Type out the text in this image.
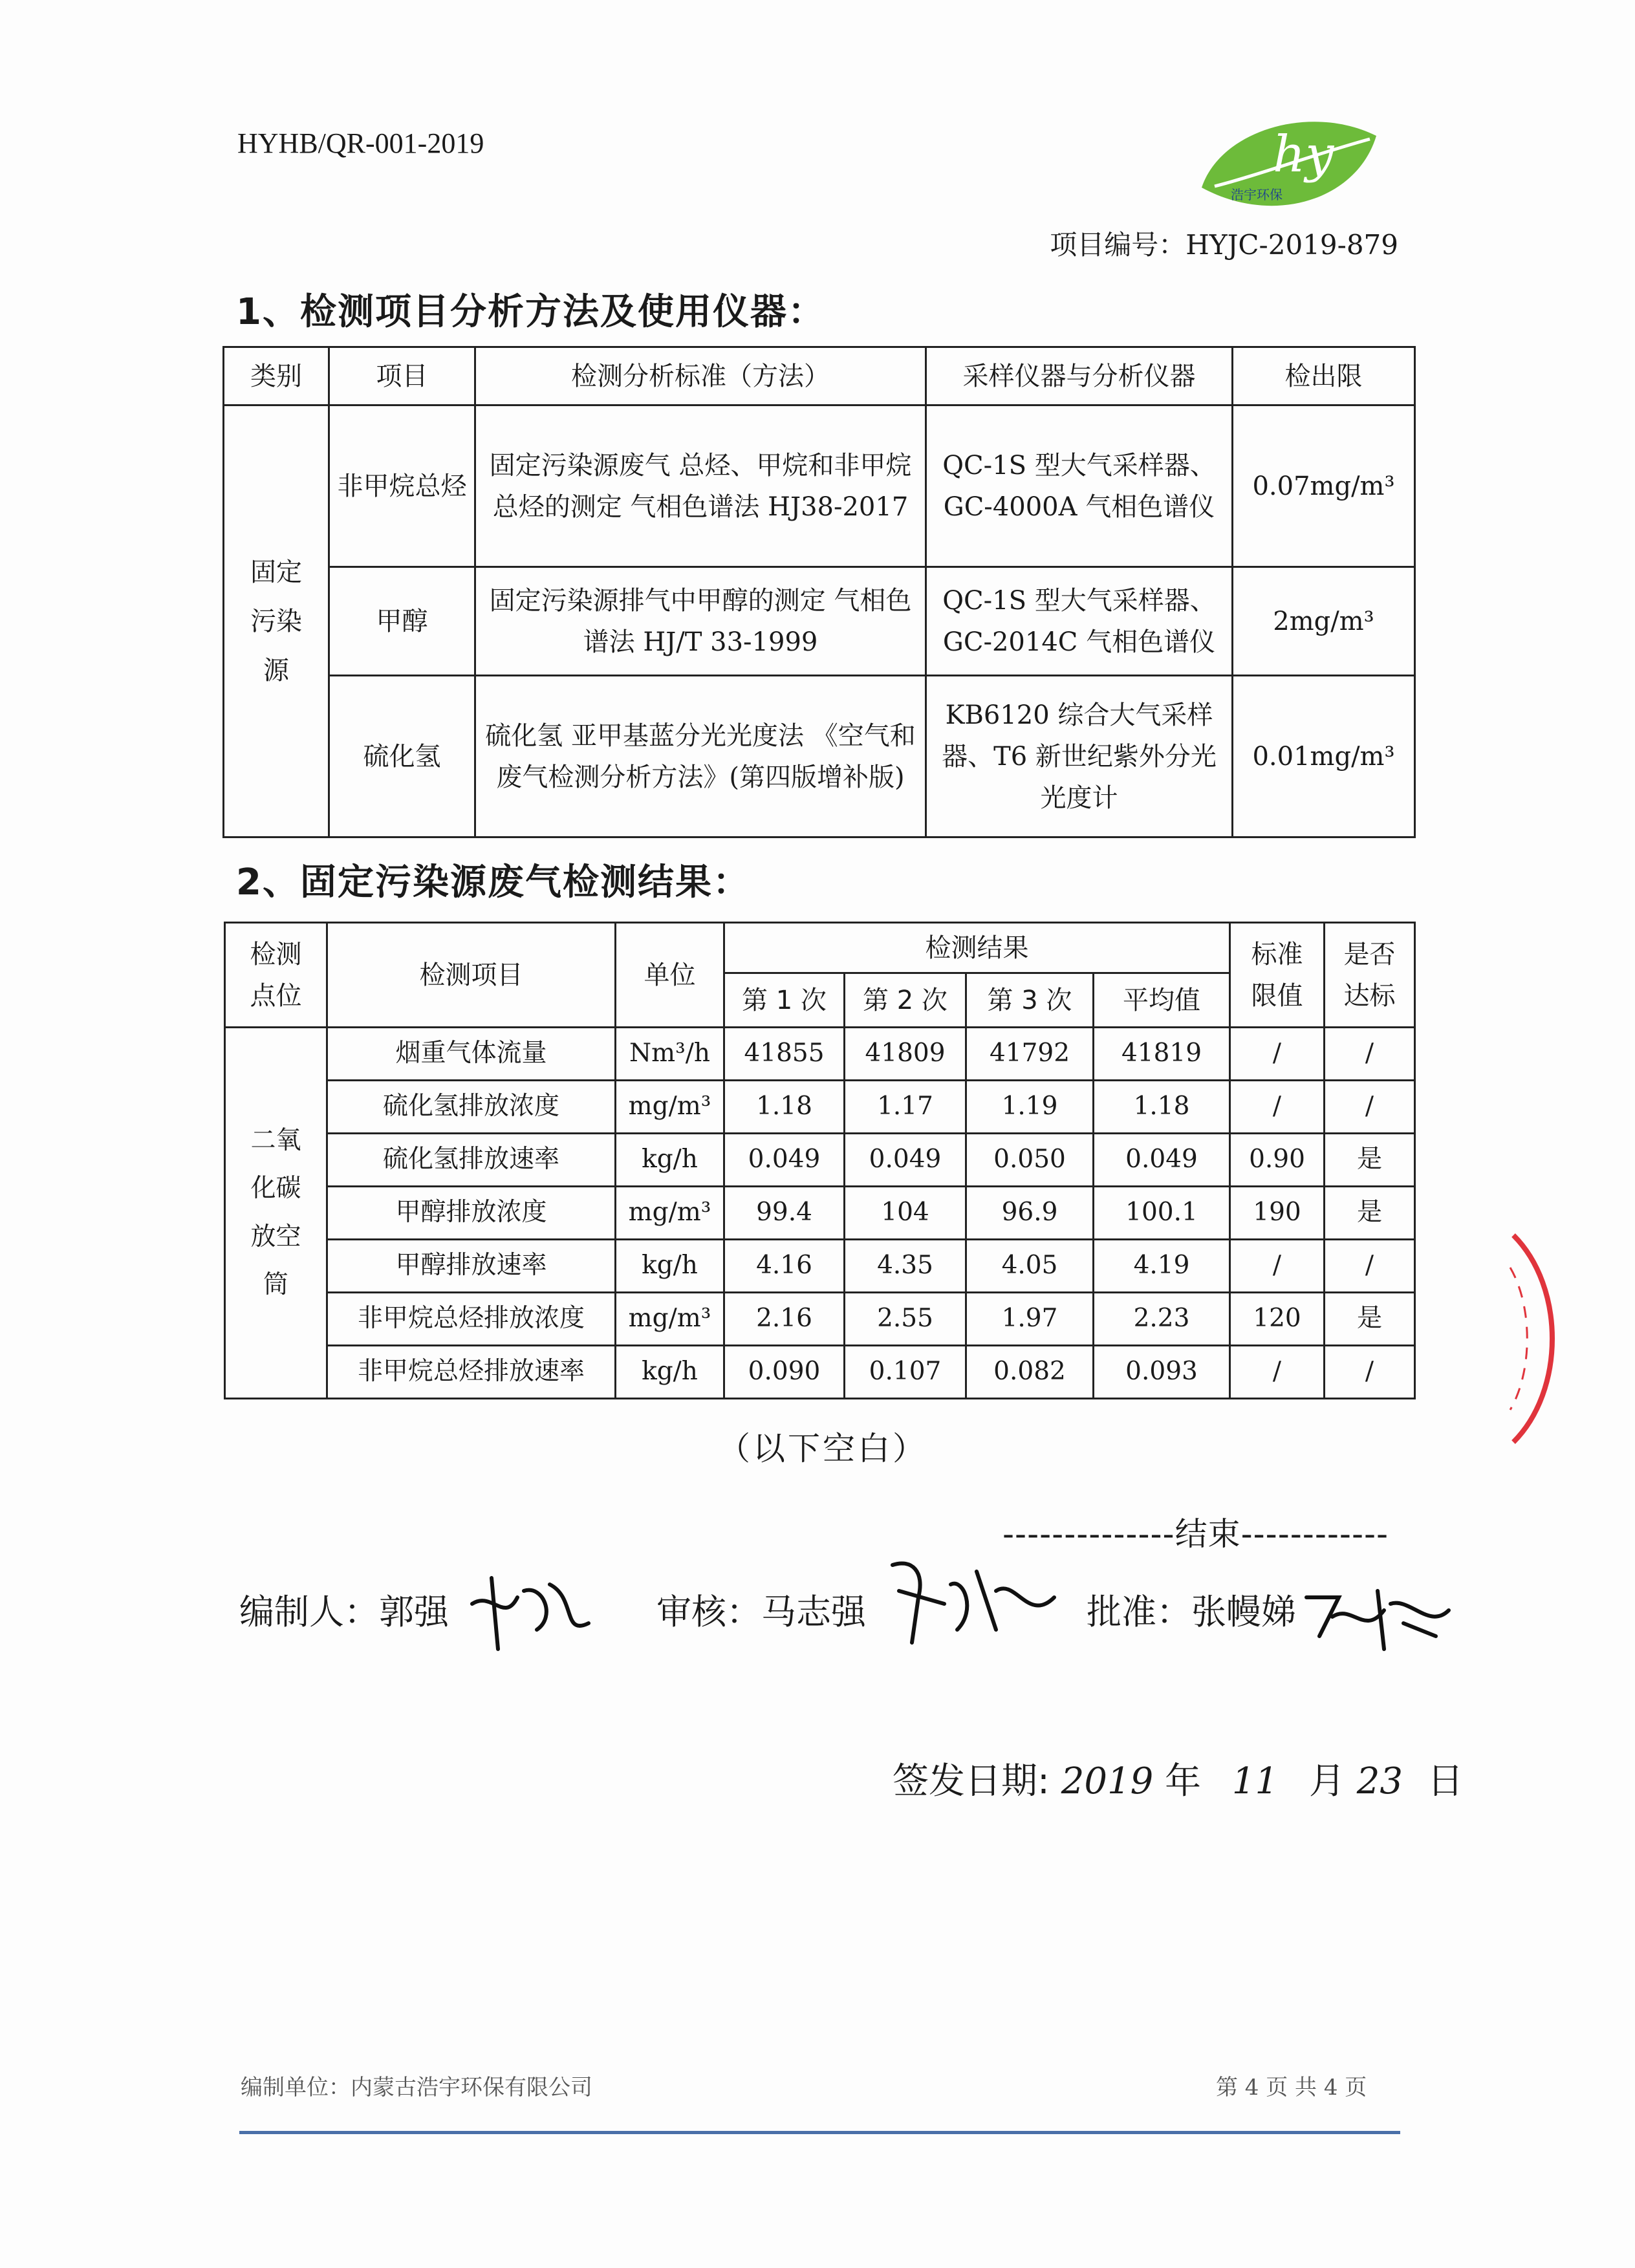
HYHB/QR-001-2019	hy
浩宇环保
项目编号：HYJC-2019-879
1、检测项目分析方法及使用仪器：
类别	项目	检测分析标准（方法）	采样仪器与分析仪器	检出限
固定污染源	非甲烷总烃	固定污染源废气 总烃、甲烷和非甲烷总烃的测定 气相色谱法 HJ38-2017	QC-1S 型大气采样器、GC-4000A 气相色谱仪	0.07mg/m³
	甲醇	固定污染源排气中甲醇的测定 气相色谱法 HJ/T 33-1999	QC-1S 型大气采样器、GC-2014C 气相色谱仪	2mg/m³
	硫化氢	硫化氢 亚甲基蓝分光光度法 《空气和废气检测分析方法》(第四版增补版)	KB6120 综合大气采样器、T6 新世纪紫外分光光度计	0.01mg/m³
2、固定污染源废气检测结果：
检测点位	检测项目	单位	检测结果				标准限值	是否达标
			第 1 次	第 2 次	第 3 次	平均值		
二氧化碳放空筒	烟重气体流量	Nm³/h	41855	41809	41792	41819	/	/
	硫化氢排放浓度	mg/m³	1.18	1.17	1.19	1.18	/	/
	硫化氢排放速率	kg/h	0.049	0.049	0.050	0.049	0.90	是
	甲醇排放浓度	mg/m³	99.4	104	96.9	100.1	190	是
	甲醇排放速率	kg/h	4.16	4.35	4.05	4.19	/	/
	非甲烷总烃排放浓度	mg/m³	2.16	2.55	1.97	2.23	120	是
	非甲烷总烃排放速率	kg/h	0.090	0.107	0.082	0.093	/	/
（以下空白）
--------------结束------------
编制人：郭强	审核：马志强	批准：张幔娣
签发日期: 2019 年 11 月 23 日
编制单位：内蒙古浩宇环保有限公司	第 4 页 共 4 页
